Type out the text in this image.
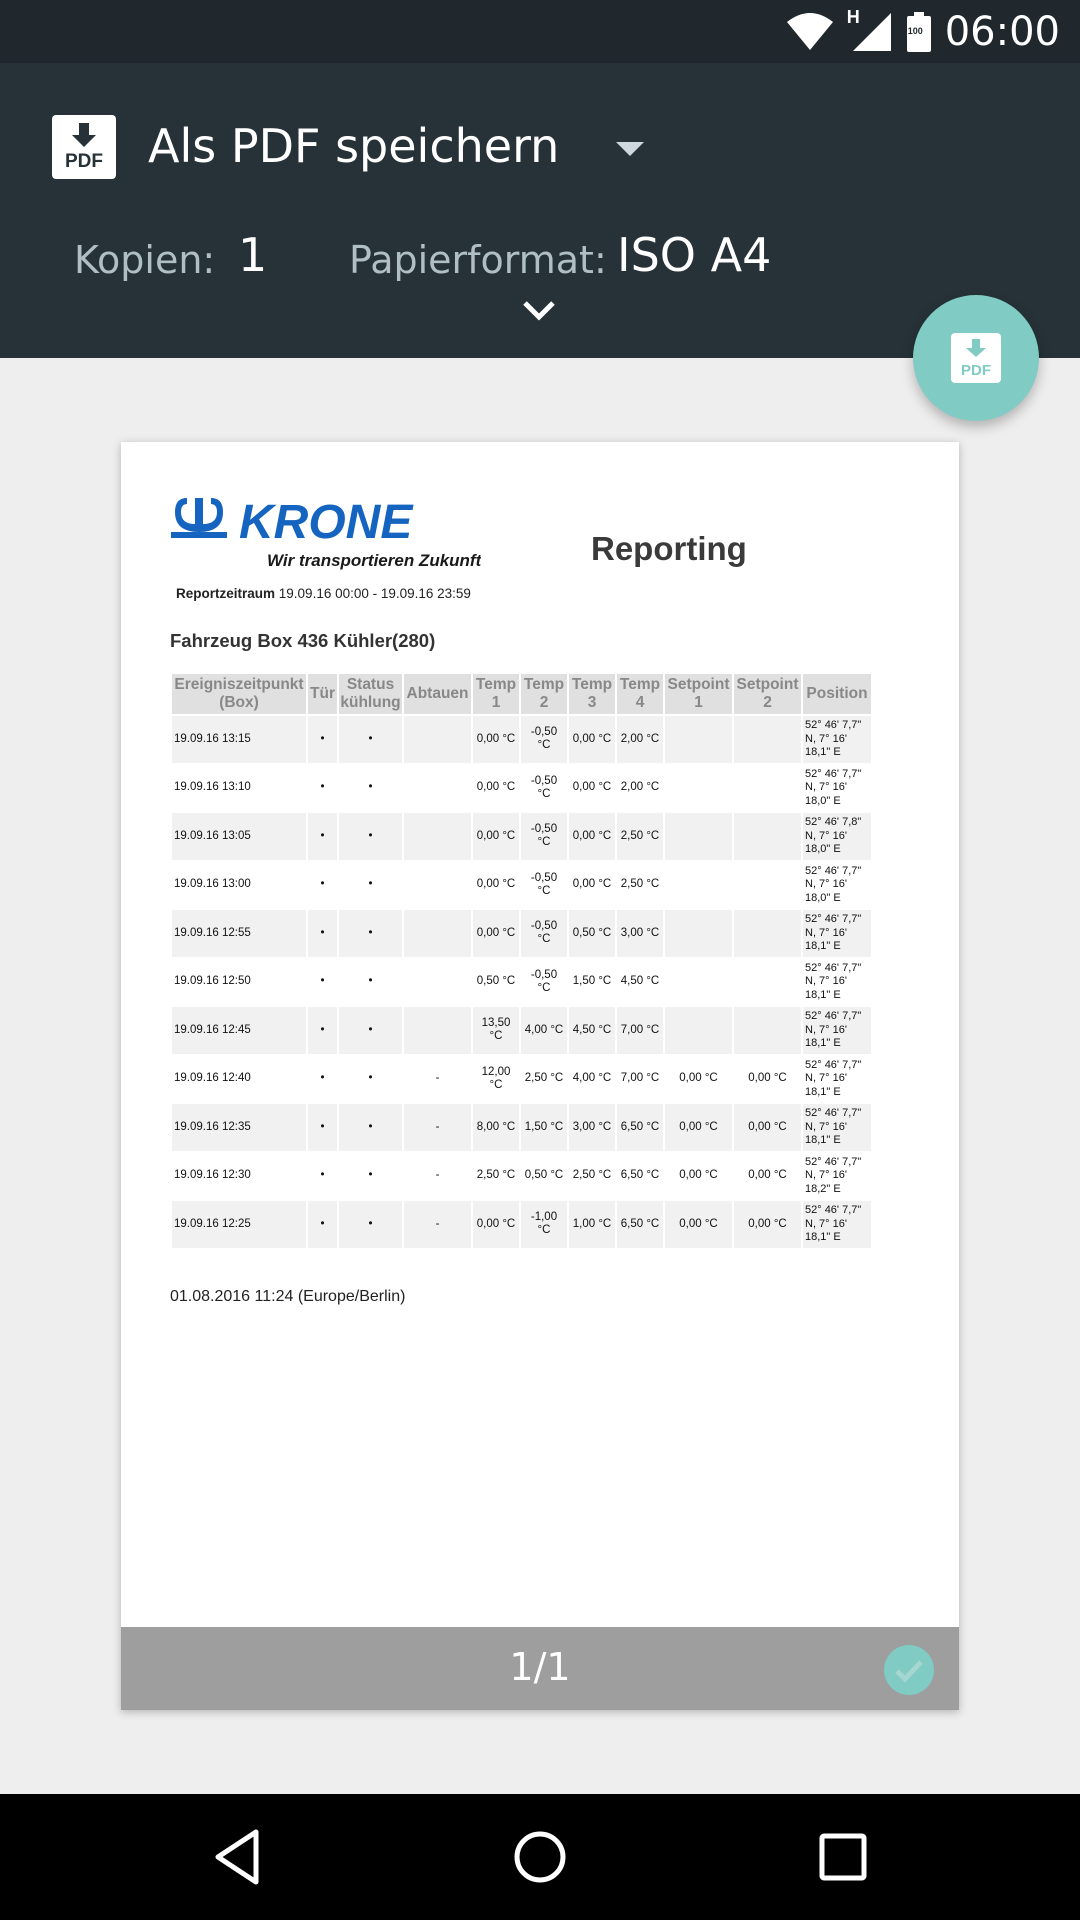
H
100 06:00
PDF Als PDF speichern
Kopien: 1 Papierformat: ISO A4
PDF
KRONE
Wir transportieren Zukunft	Reporting
Reportzeitraum 19.09.16 00:00 - 19.09.16 23:59
Fahrzeug Box 436 Kühler(280)
Ereigniszeitpunkt (Box)	Tür	Status kühlung	Abtauen	Temp 1	Temp 2	Temp 3	Temp 4	Setpoint 1	Setpoint 2	Position
19.09.16 13:15	•	•		0,00 °C	-0,50 °C	0,00 °C	2,00 °C			52° 46' 7,7" N, 7° 16' 18,1" E
19.09.16 13:10	•	•		0,00 °C	-0,50 °C	0,00 °C	2,00 °C			52° 46' 7,7" N, 7° 16' 18,0" E
19.09.16 13:05	•	•		0,00 °C	-0,50 °C	0,00 °C	2,50 °C			52° 46' 7,8" N, 7° 16' 18,0" E
19.09.16 13:00	•	•		0,00 °C	-0,50 °C	0,00 °C	2,50 °C			52° 46' 7,7" N, 7° 16' 18,0" E
19.09.16 12:55	•	•		0,00 °C	-0,50 °C	0,50 °C	3,00 °C			52° 46' 7,7" N, 7° 16' 18,1" E
19.09.16 12:50	•	•		0,50 °C	-0,50 °C	1,50 °C	4,50 °C			52° 46' 7,7" N, 7° 16' 18,1" E
19.09.16 12:45	•	•		13,50 °C	4,00 °C	4,50 °C	7,00 °C			52° 46' 7,7" N, 7° 16' 18,1" E
19.09.16 12:40	•	•	-	12,00 °C	2,50 °C	4,00 °C	7,00 °C	0,00 °C	0,00 °C	52° 46' 7,7" N, 7° 16' 18,1" E
19.09.16 12:35	•	•	-	8,00 °C	1,50 °C	3,00 °C	6,50 °C	0,00 °C	0,00 °C	52° 46' 7,7" N, 7° 16' 18,1" E
19.09.16 12:30	•	•	-	2,50 °C	0,50 °C	2,50 °C	6,50 °C	0,00 °C	0,00 °C	52° 46' 7,7" N, 7° 16' 18,2" E
19.09.16 12:25	•	•	-	0,00 °C	-1,00 °C	1,00 °C	6,50 °C	0,00 °C	0,00 °C	52° 46' 7,7" N, 7° 16' 18,1" E
01.08.2016 11:24 (Europe/Berlin)
1/1
